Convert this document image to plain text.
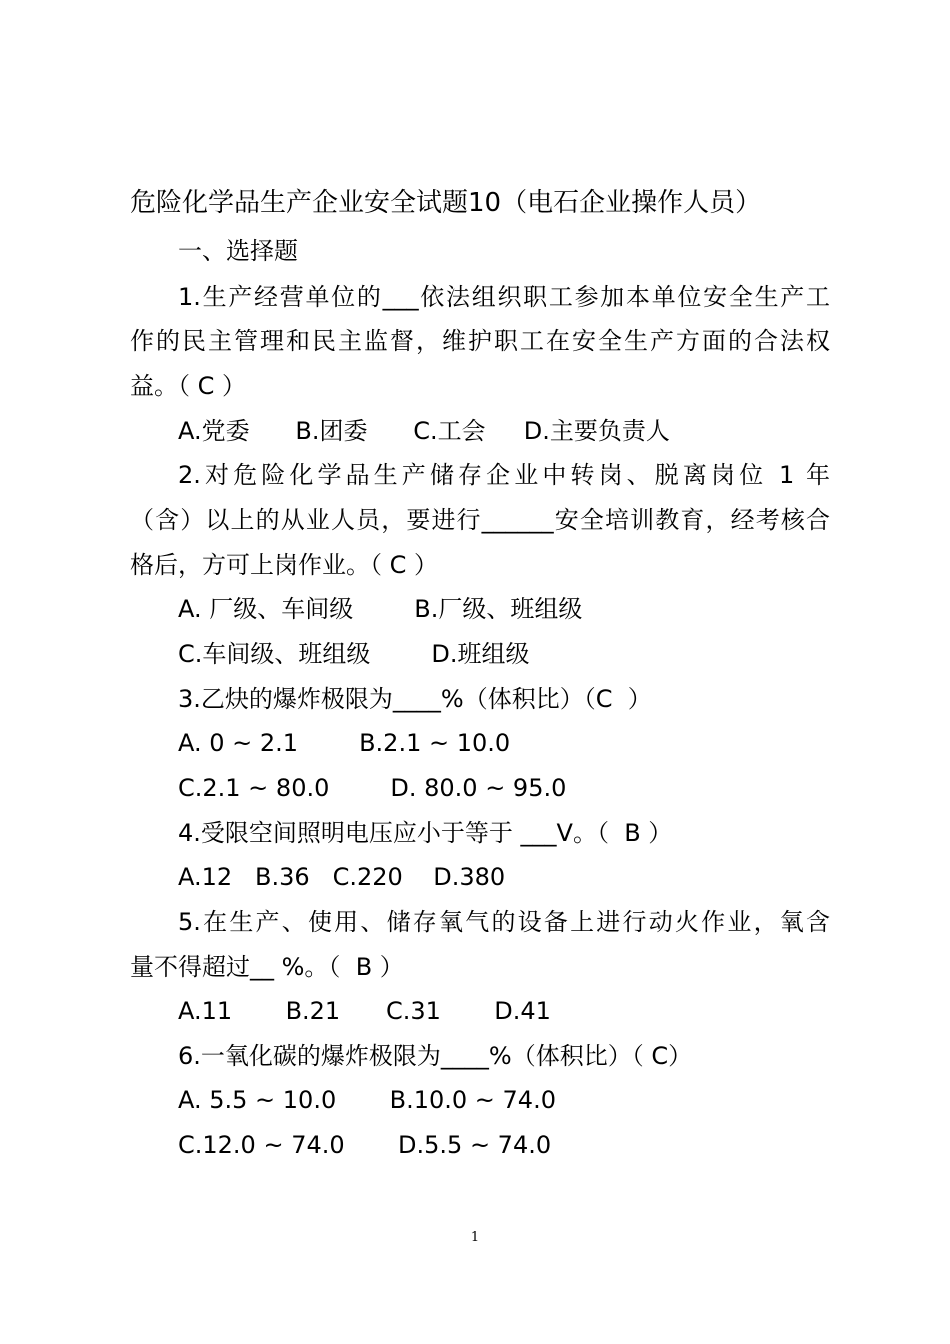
危险化学品生产企业安全试题10（电石企业操作人员）
一、选择题
1.生产经营单位的___依法组织职工参加本单位安全生产工
作的民主管理和民主监督，维护职工在安全生产方面的合法权
益。（ C ）
A.党委      B.团委      C.工会     D.主要负责人
2.对危险化学品生产储存企业中转岗、脱离岗位 1 年
（含）以上的从业人员，要进行______安全培训教育，经考核合
格后，方可上岗作业。（ C ）
A. 厂级、车间级        B.厂级、班组级
C.车间级、班组级        D.班组级
3.乙炔的爆炸极限为____%（体积比）（C  ）
A. 0 ~ 2.1        B.2.1 ~ 10.0
C.2.1 ~ 80.0        D. 80.0 ~ 95.0
4.受限空间照明电压应小于等于 ___V。（  B ）
A.12   B.36   C.220    D.380
5.在生产、使用、储存氧气的设备上进行动火作业，氧含
量不得超过__ %。（  B ）
A.11       B.21      C.31       D.41
6.一氧化碳的爆炸极限为____%（体积比）（ C）
A. 5.5 ~ 10.0       B.10.0 ~ 74.0
C.12.0 ~ 74.0       D.5.5 ~ 74.0
1
